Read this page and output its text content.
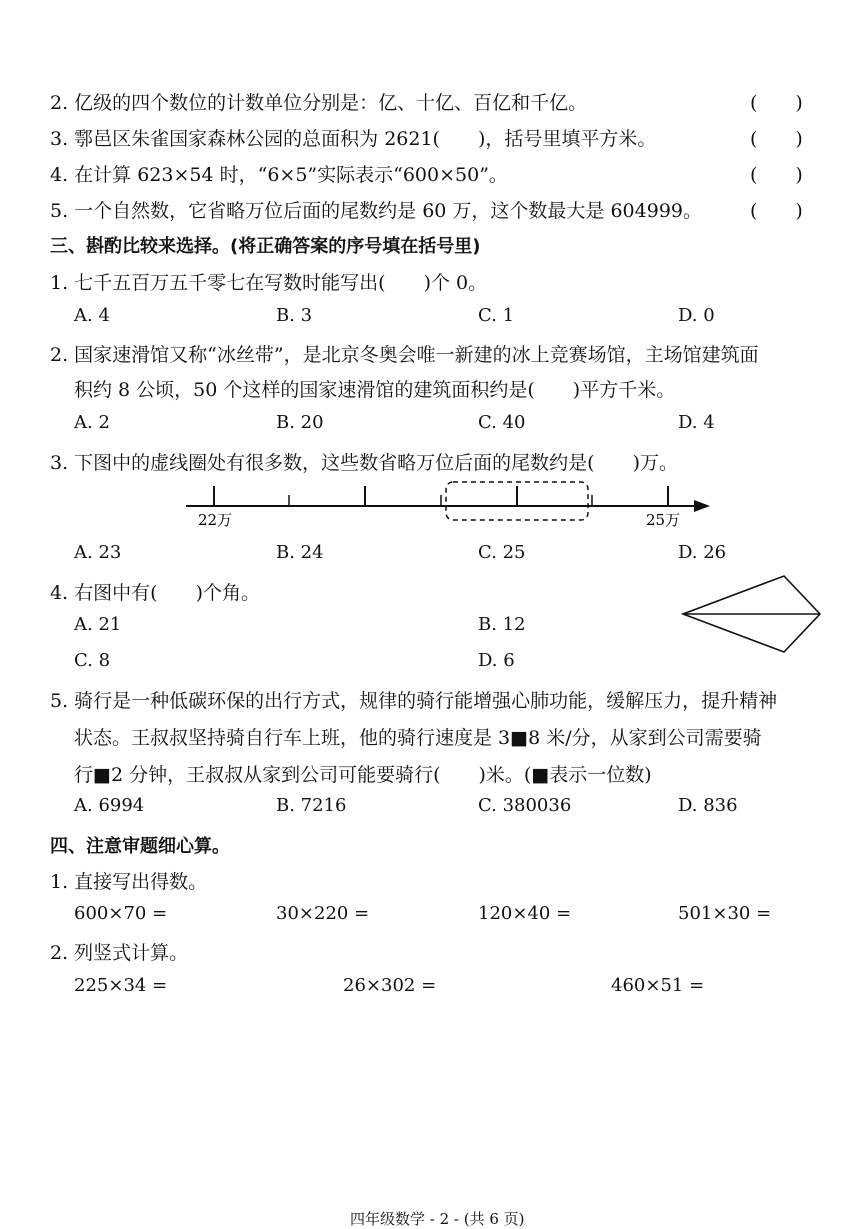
2. 亿级的四个数位的计数单位分别是：亿、十亿、百亿和千亿。	(　　)
3. 鄠邑区朱雀国家森林公园的总面积为 2621(　　)，括号里填平方米。	(　　)
4. 在计算 623×54 时，“6×5”实际表示“600×50”。	(　　)
5. 一个自然数，它省略万位后面的尾数约是 60 万，这个数最大是 604999。	(　　)
三、斟酌比较来选择。(将正确答案的序号填在括号里)
1. 七千五百万五千零七在写数时能写出(　　)个 0。
A. 4	B. 3	C. 1	D. 0
2. 国家速滑馆又称“冰丝带”，是北京冬奥会唯一新建的冰上竞赛场馆，主场馆建筑面
积约 8 公顷，50 个这样的国家速滑馆的建筑面积约是(　　)平方千米。
A. 2	B. 20	C. 40	D. 4
3. 下图中的虚线圈处有很多数，这些数省略万位后面的尾数约是(　　)万。
22万	25万
A. 23	B. 24	C. 25	D. 26
4. 右图中有(　　)个角。
A. 21	B. 12
C. 8	D. 6
5. 骑行是一种低碳环保的出行方式，规律的骑行能增强心肺功能，缓解压力，提升精神
状态。王叔叔坚持骑自行车上班，他的骑行速度是 3■8 米/分，从家到公司需要骑
行■2 分钟，王叔叔从家到公司可能要骑行(　　)米。(■表示一位数)
A. 6994	B. 7216	C. 380036	D. 836
四、注意审题细心算。
1. 直接写出得数。
600×70 =	30×220 =	120×40 =	501×30 =
2. 列竖式计算。
225×34 =	26×302 =	460×51 =
四年级数学 - 2 - (共 6 页)
